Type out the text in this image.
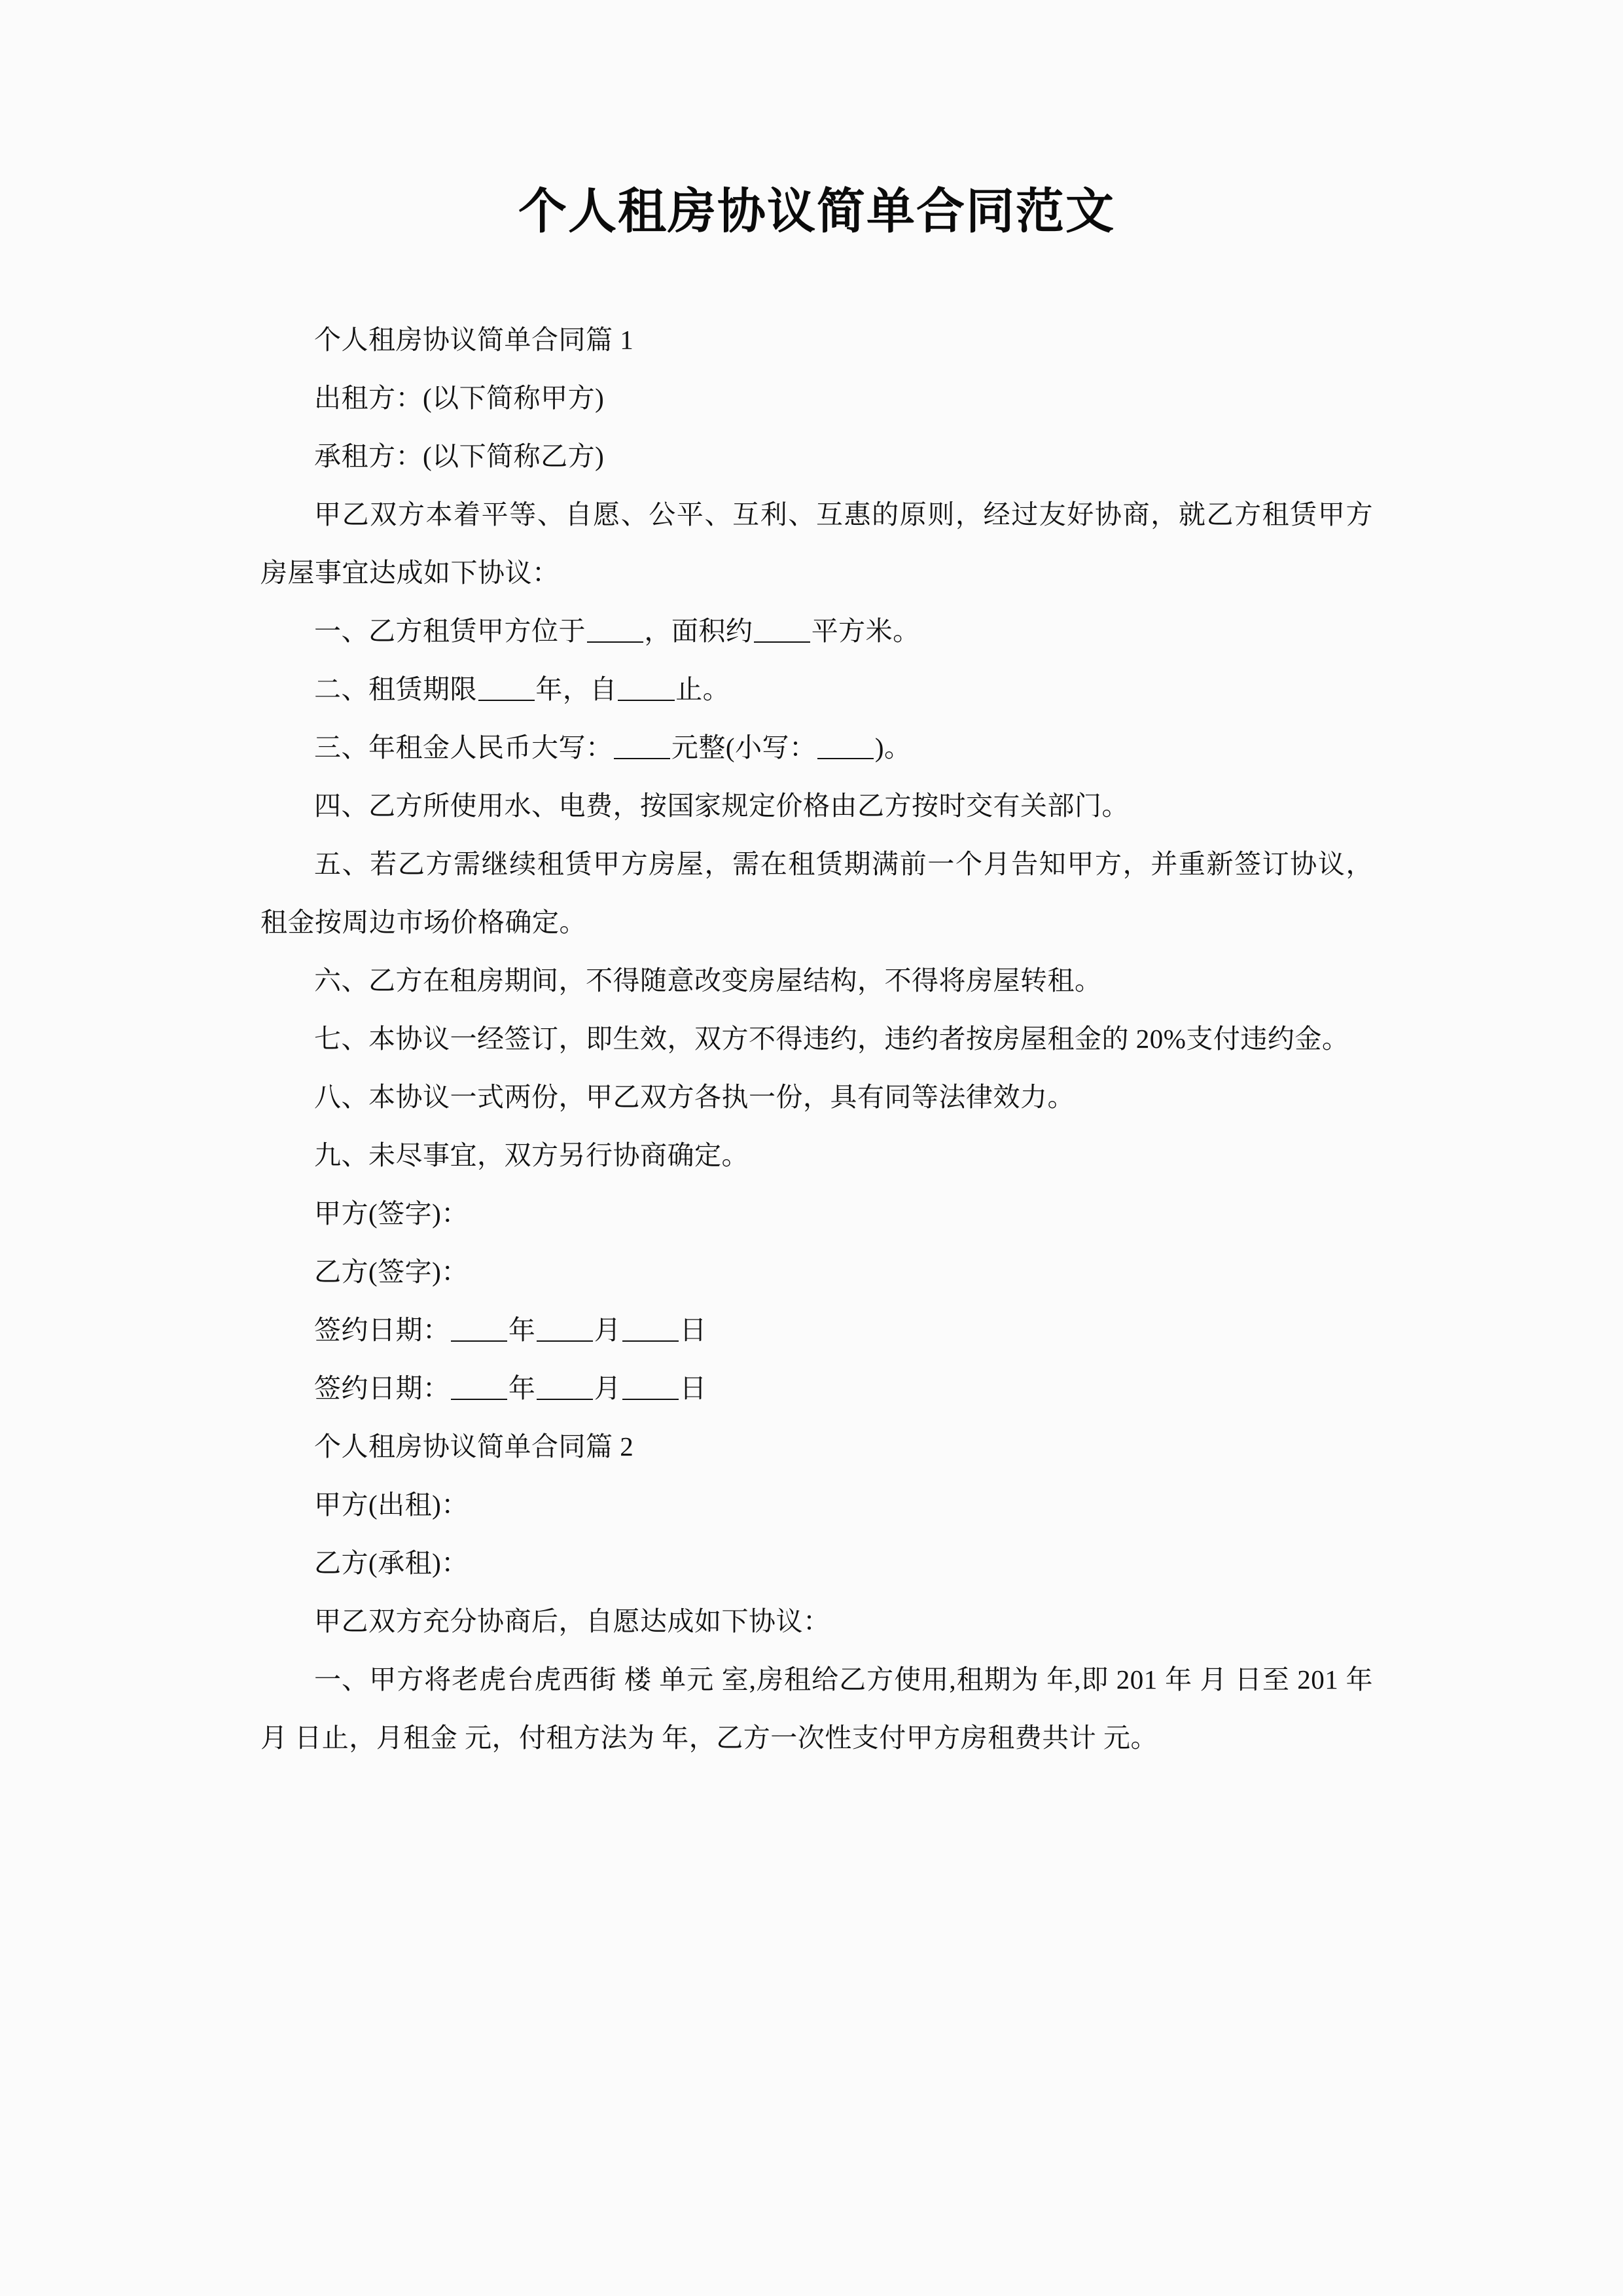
个人租房协议简单合同范文

个人租房协议简单合同篇 1

出租方：(以下简称甲方)

承租方：(以下简称乙方)

甲乙双方本着平等、自愿、公平、互利、互惠的原则，经过友好协商，就乙方租赁甲方房屋事宜达成如下协议：

一、乙方租赁甲方位于 ，面积约 平方米。

二、租赁期限 年，自 止。

三、年租金人民币大写： 元整(小写： )。

四、乙方所使用水、电费，按国家规定价格由乙方按时交有关部门。

五、若乙方需继续租赁甲方房屋，需在租赁期满前一个月告知甲方，并重新签订协议，租金按周边市场价格确定。

六、乙方在租房期间，不得随意改变房屋结构，不得将房屋转租。

七、本协议一经签订，即生效，双方不得违约，违约者按房屋租金的 20%支付违约金。

八、本协议一式两份，甲乙双方各执一份，具有同等法律效力。

九、未尽事宜，双方另行协商确定。

甲方(签字)：

乙方(签字)：

签约日期： 年 月 日

签约日期： 年 月 日

个人租房协议简单合同篇 2

甲方(出租)：

乙方(承租)：

甲乙双方充分协商后，自愿达成如下协议：

一、甲方将老虎台虎西街 楼 单元 室,房租给乙方使用,租期为 年,即 201 年 月 日至 201 年 月 日止，月租金 元，付租方法为 年，乙方一次性支付甲方房租费共计 元。
